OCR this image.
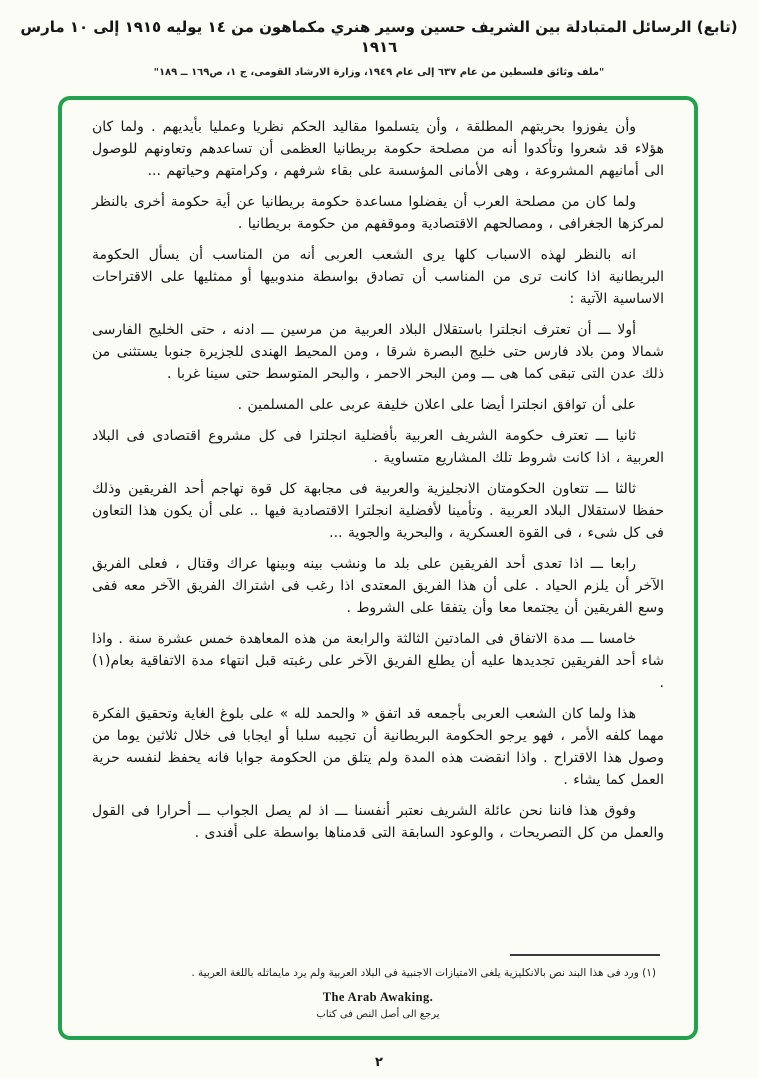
(تابع) الرسائل المتبادلة بين الشريف حسين وسير هنري مكماهون من ١٤ يوليه ١٩١٥ إلى ١٠ مارس ١٩١٦
"ملف وثائق فلسطين من عام ٦٣٧ إلى عام ١٩٤٩، وزارة الارشاد القومى، ج ١، ص١٦٩ ــ ١٨٩"

وأن يفوزوا بحريتهم المطلقة ، وأن يتسلموا مقاليد الحكم نظريا وعمليا بأيديهم . ولما كان هؤلاء قد شعروا وتأكدوا أنه من مصلحة حكومة بريطانيا العظمى أن تساعدهم وتعاونهم للوصول الى أمانيهم المشروعة ، وهى الأمانى المؤسسة على بقاء شرفهم ، وكرامتهم وحياتهم ...

ولما كان من مصلحة العرب أن يفضلوا مساعدة حكومة بريطانيا عن أية حكومة أخرى بالنظر لمركزها الجغرافى ، ومصالحهم الاقتصادية وموقفهم من حكومة بريطانيا .

انه بالنظر لهذه الاسباب كلها يرى الشعب العربى أنه من المناسب أن يسأل الحكومة البريطانية اذا كانت ترى من المناسب أن تصادق بواسطة مندوبيها أو ممثليها على الاقتراحات الاساسية الآتية :

أولا ـــ أن تعترف انجلترا باستقلال البلاد العربية من مرسين ـــ ادنه ، حتى الخليج الفارسى شمالا ومن بلاد فارس حتى خليج البصرة شرقا ، ومن المحيط الهندى للجزيرة جنوبا يستثنى من ذلك عدن التى تبقى كما هى ـــ ومن البحر الاحمر ، والبحر المتوسط حتى سينا غربا .

على أن توافق انجلترا أيضا على اعلان خليفة عربى على المسلمين .

ثانيا ـــ تعترف حكومة الشريف العربية بأفضلية انجلترا فى كل مشروع اقتصادى فى البلاد العربية ، اذا كانت شروط تلك المشاريع متساوية .

ثالثا ـــ تتعاون الحكومتان الانجليزية والعربية فى مجابهة كل قوة تهاجم أحد الفريقين وذلك حفظا لاستقلال البلاد العربية . وتأمينا لأفضلية انجلترا الاقتصادية فيها .. على أن يكون هذا التعاون فى كل شىء ، فى القوة العسكرية ، والبحرية والجوية ...

رابعا ـــ اذا تعدى أحد الفريقين على بلد ما ونشب بينه وبينها عراك وقتال ، فعلى الفريق الآخر أن يلزم الحياد . على أن هذا الفريق المعتدى اذا رغب فى اشتراك الفريق الآخر معه ففى وسع الفريقين أن يجتمعا معا وأن يتفقا على الشروط .

خامسا ـــ مدة الاتفاق فى المادتين الثالثة والرابعة من هذه المعاهدة خمس عشرة سنة . واذا شاء أحد الفريقين تجديدها عليه أن يطلع الفريق الآخر على رغبته قبل انتهاء مدة الاتفاقية بعام(١) .

هذا ولما كان الشعب العربى بأجمعه قد اتفق « والحمد لله » على بلوغ الغاية وتحقيق الفكرة مهما كلفه الأمر ، فهو يرجو الحكومة البريطانية أن تجيبه سلبا أو ايجابا فى خلال ثلاثين يوما من وصول هذا الاقتراح . واذا انقضت هذه المدة ولم يتلق من الحكومة جوابا فانه يحفظ لنفسه حرية العمل كما يشاء .

وفوق هذا فاننا نحن عائلة الشريف نعتبر أنفسنا ـــ اذ لم يصل الجواب ـــ أحرارا فى القول والعمل من كل التصريحات ، والوعود السابقة التى قدمناها بواسطة على أفندى .

(١) ورد فى هذا البند نص بالانكليزية يلغى الامتيازات الاجنبية فى البلاد العربية ولم يرد مايماثله باللغة العربية .
The Arab Awaking.
يرجع الى أصل النص فى كتاب
٢
